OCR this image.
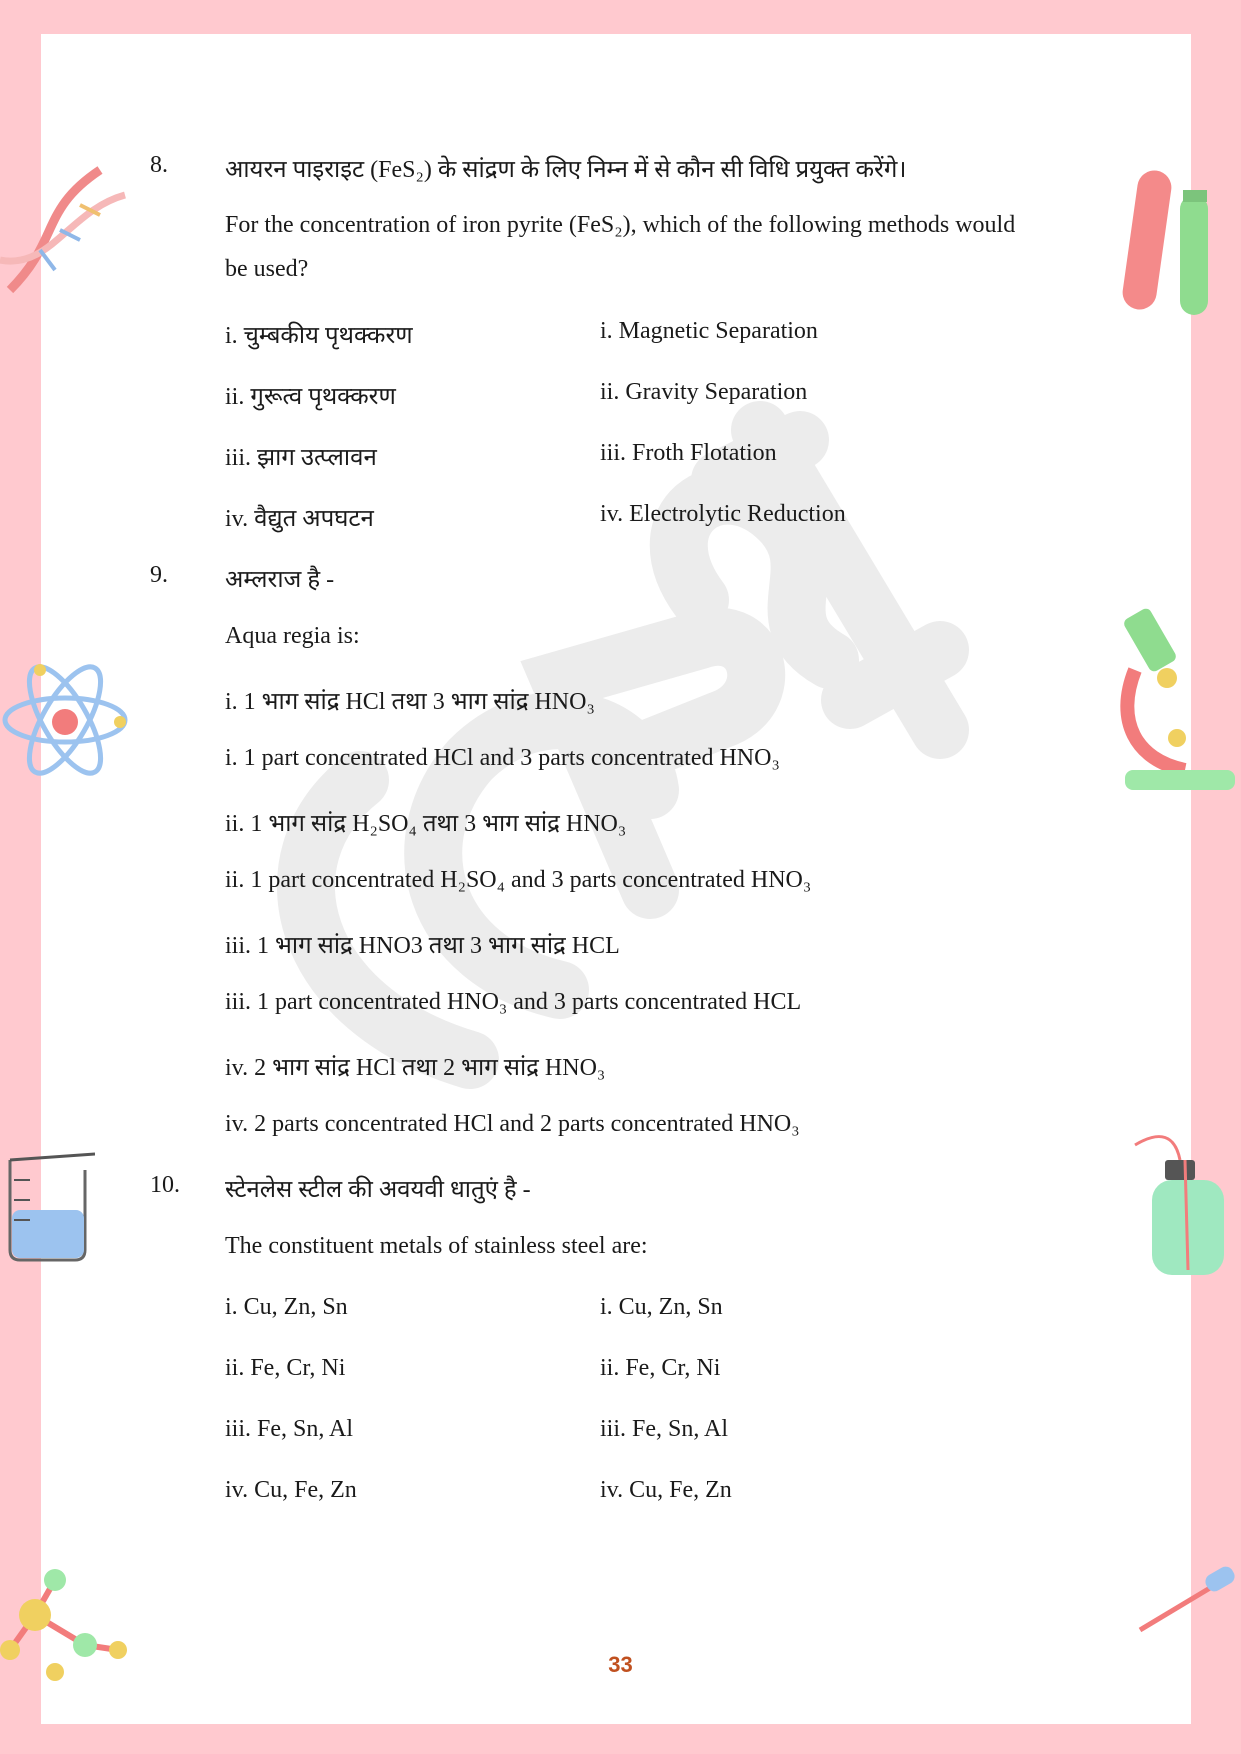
8. आयरन पाइराइट (FeS₂) के सांद्रण के लिए निम्न में से कौन सी विधि प्रयुक्त करेंगे।
For the concentration of iron pyrite (FeS₂), which of the following methods would
be used?
i. चुम्बकीय पृथक्करण	i. Magnetic Separation
ii. गुरूत्व पृथक्करण	ii. Gravity Separation
iii. झाग उत्प्लावन	iii. Froth Flotation
iv. वैद्युत अपघटन	iv. Electrolytic Reduction
9. अम्लराज है -
Aqua regia is:
i. 1 भाग सांद्र HCl तथा 3 भाग सांद्र HNO₃
i. 1 part concentrated HCl and 3 parts concentrated HNO₃
ii. 1 भाग सांद्र H₂SO₄ तथा 3 भाग सांद्र HNO₃
ii. 1 part concentrated H₂SO₄ and 3 parts concentrated HNO₃
iii. 1 भाग सांद्र HNO3 तथा 3 भाग सांद्र HCL
iii. 1 part concentrated HNO₃ and 3 parts concentrated HCL
iv. 2 भाग सांद्र HCl तथा 2 भाग सांद्र HNO₃
iv. 2 parts concentrated HCl and 2 parts concentrated HNO₃
10. स्टेनलेस स्टील की अवयवी धातुएं है -
The constituent metals of stainless steel are:
i. Cu, Zn, Sn	i. Cu, Zn, Sn
ii. Fe, Cr, Ni	ii. Fe, Cr, Ni
iii. Fe, Sn, Al	iii. Fe, Sn, Al
iv. Cu, Fe, Zn	iv. Cu, Fe, Zn
33
